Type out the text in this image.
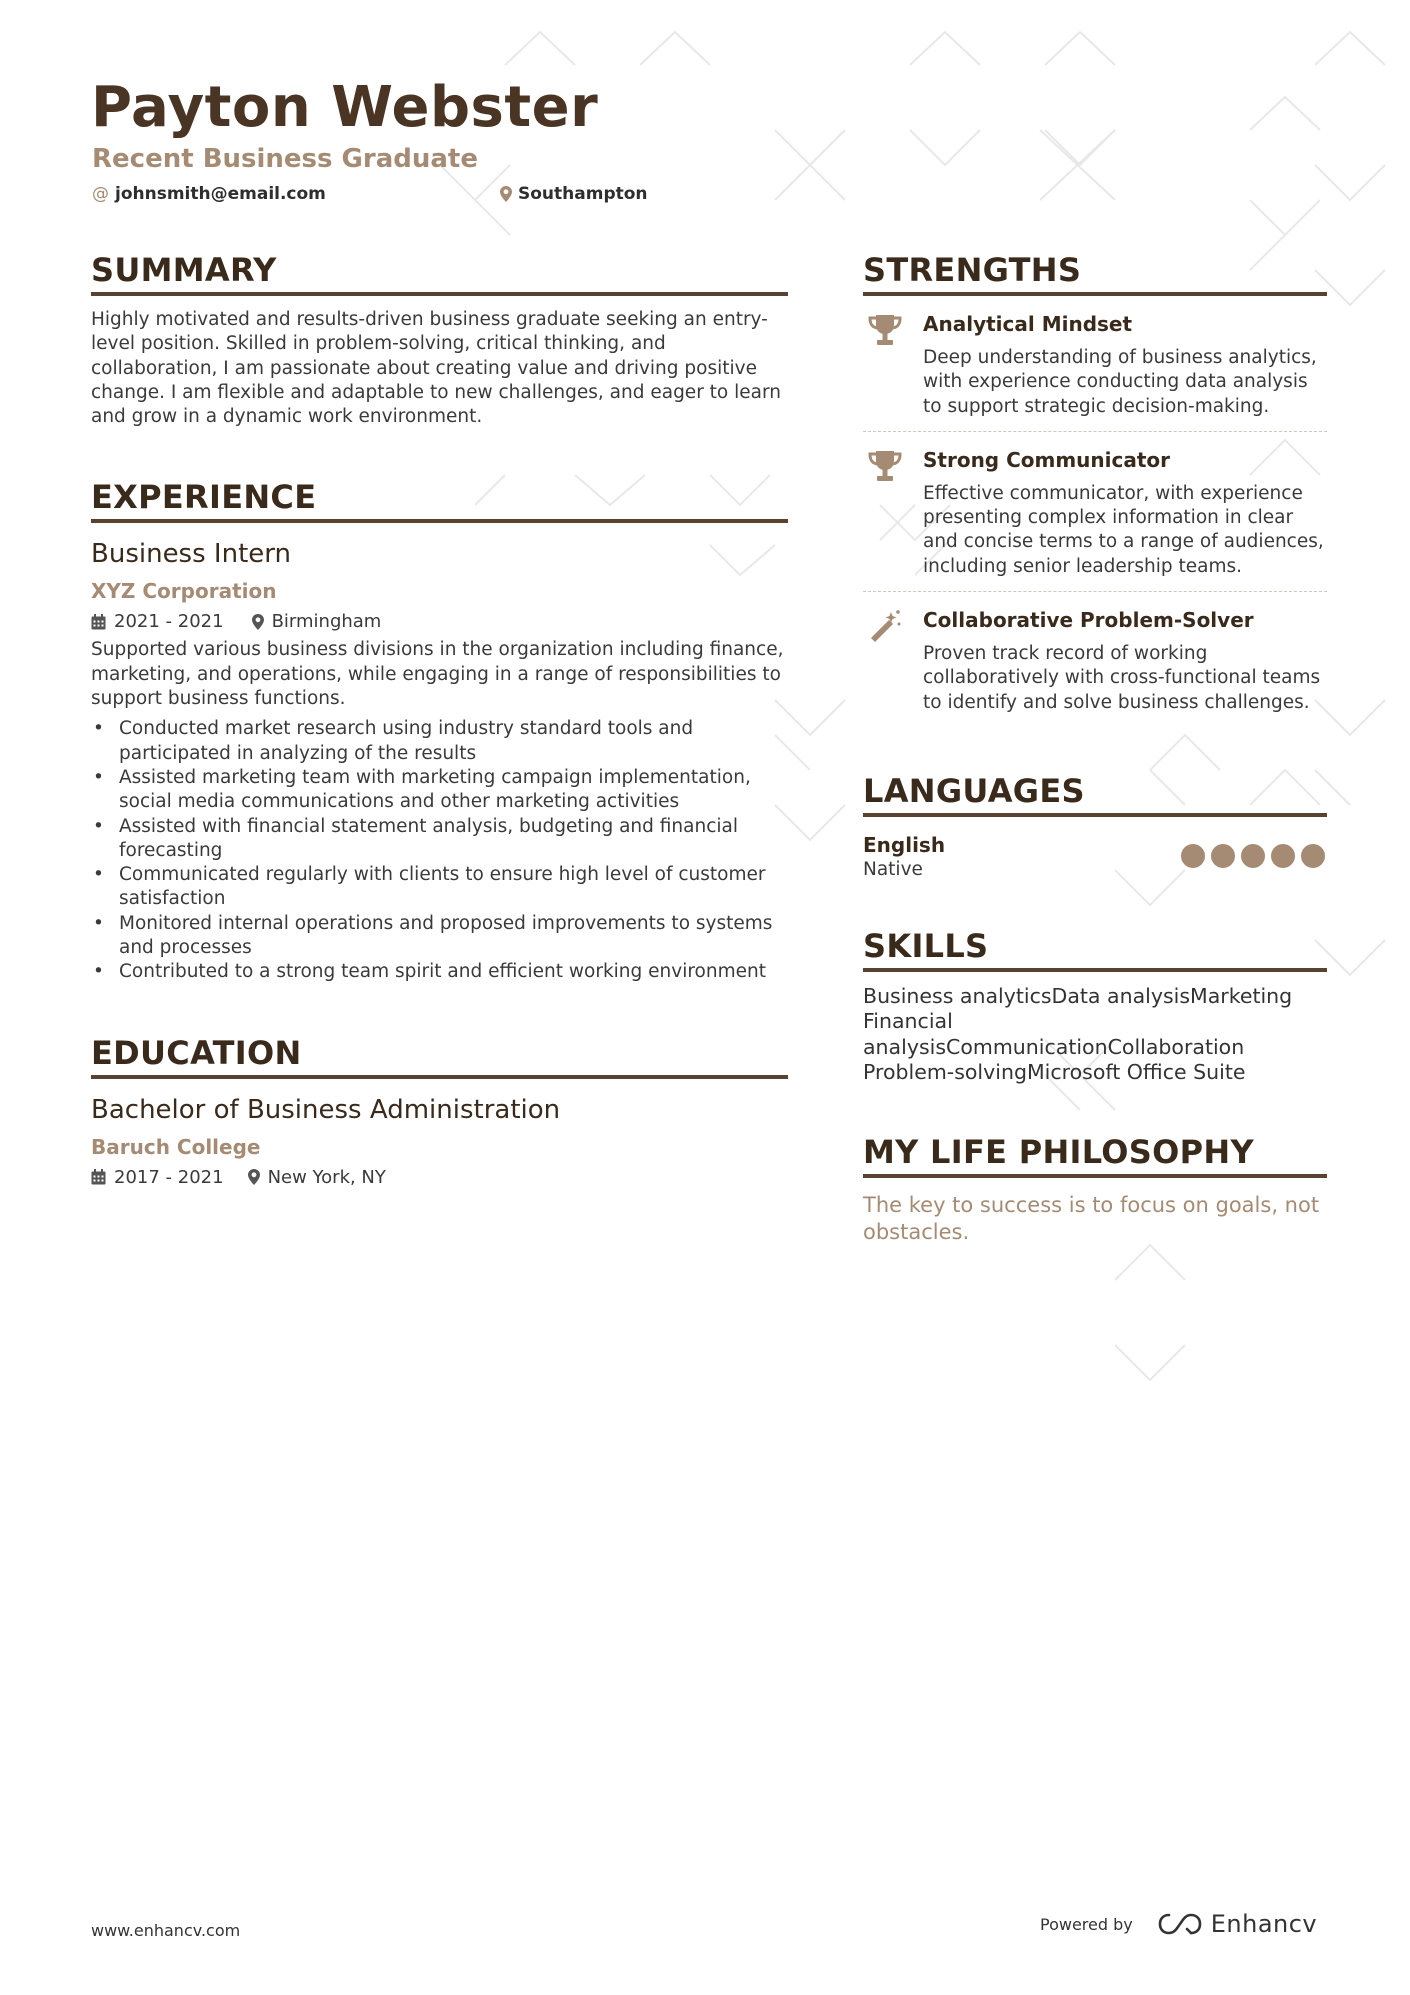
Payton Webster
Recent Business Graduate
@ johnsmith@email.com	Southampton
SUMMARY
Highly motivated and results-driven business graduate seeking an entry-level position. Skilled in problem-solving, critical thinking, and collaboration, I am passionate about creating value and driving positive change. I am flexible and adaptable to new challenges, and eager to learn and grow in a dynamic work environment.
EXPERIENCE
Business Intern
XYZ Corporation
2021 - 2021	Birmingham
Supported various business divisions in the organization including finance, marketing, and operations, while engaging in a range of responsibilities to support business functions.
• Conducted market research using industry standard tools and participated in analyzing of the results
• Assisted marketing team with marketing campaign implementation, social media communications and other marketing activities
• Assisted with financial statement analysis, budgeting and financial forecasting
• Communicated regularly with clients to ensure high level of customer satisfaction
• Monitored internal operations and proposed improvements to systems and processes
• Contributed to a strong team spirit and efficient working environment
EDUCATION
Bachelor of Business Administration
Baruch College
2017 - 2021 New York, NY
STRENGTHS
Analytical Mindset
Deep understanding of business analytics, with experience conducting data analysis to support strategic decision-making.
Strong Communicator
Effective communicator, with experience presenting complex information in clear and concise terms to a range of audiences, including senior leadership teams.
Collaborative Problem-Solver
Proven track record of working collaboratively with cross-functional teams to identify and solve business challenges.
LANGUAGES
English
Native
SKILLS
Business analyticsData analysisMarketing
Financial analysisCommunicationCollaboration
Problem-solvingMicrosoft Office Suite
MY LIFE PHILOSOPHY
The key to success is to focus on goals, not obstacles.
www.enhancv.com	Powered by	Enhancv
